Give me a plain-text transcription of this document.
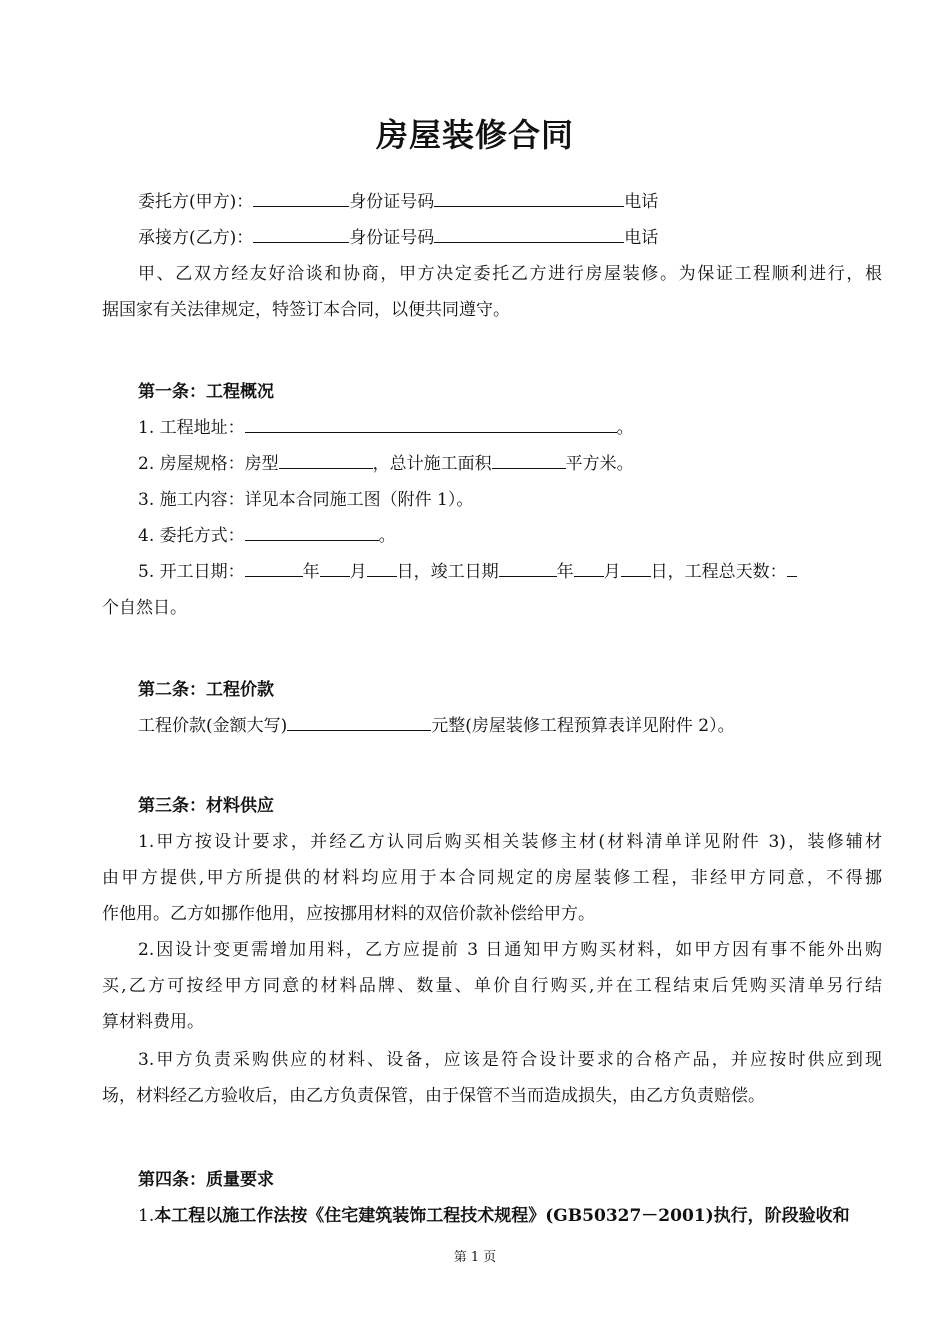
房屋装修合同
委托方(甲方)：	身份证号码	电话
承接方(乙方)：	身份证号码	电话
甲、乙双方经友好洽谈和协商，甲方决定委托乙方进行房屋装修。为保证工程顺利进行，根
据国家有关法律规定，特签订本合同，以便共同遵守。
第一条：工程概况
1. 工程地址：	。
2. 房屋规格：房型	，总计施工面积	平方米。
3. 施工内容：详见本合同施工图（附件 1）。
4. 委托方式：	。
5. 开工日期：	年 月 日，竣工日期	年 月 日，工程总天数：
个自然日。
第二条：工程价款
工程价款(金额大写)	元整(房屋装修工程预算表详见附件 2）。
第三条：材料供应
1.甲方按设计要求，并经乙方认同后购买相关装修主材(材料清单详见附件 3)，装修辅材
由甲方提供,甲方所提供的材料均应用于本合同规定的房屋装修工程，非经甲方同意，不得挪
作他用。乙方如挪作他用，应按挪用材料的双倍价款补偿给甲方。
2.因设计变更需增加用料，乙方应提前 3 日通知甲方购买材料，如甲方因有事不能外出购
买,乙方可按经甲方同意的材料品牌、数量、单价自行购买,并在工程结束后凭购买清单另行结
算材料费用。
3.甲方负责采购供应的材料、设备，应该是符合设计要求的合格产品，并应按时供应到现
场，材料经乙方验收后，由乙方负责保管，由于保管不当而造成损失，由乙方负责赔偿。
第四条：质量要求
1.本工程以施工作法按《住宅建筑装饰工程技术规程》(GB50327－2001)执行，阶段验收和
第 1 页
